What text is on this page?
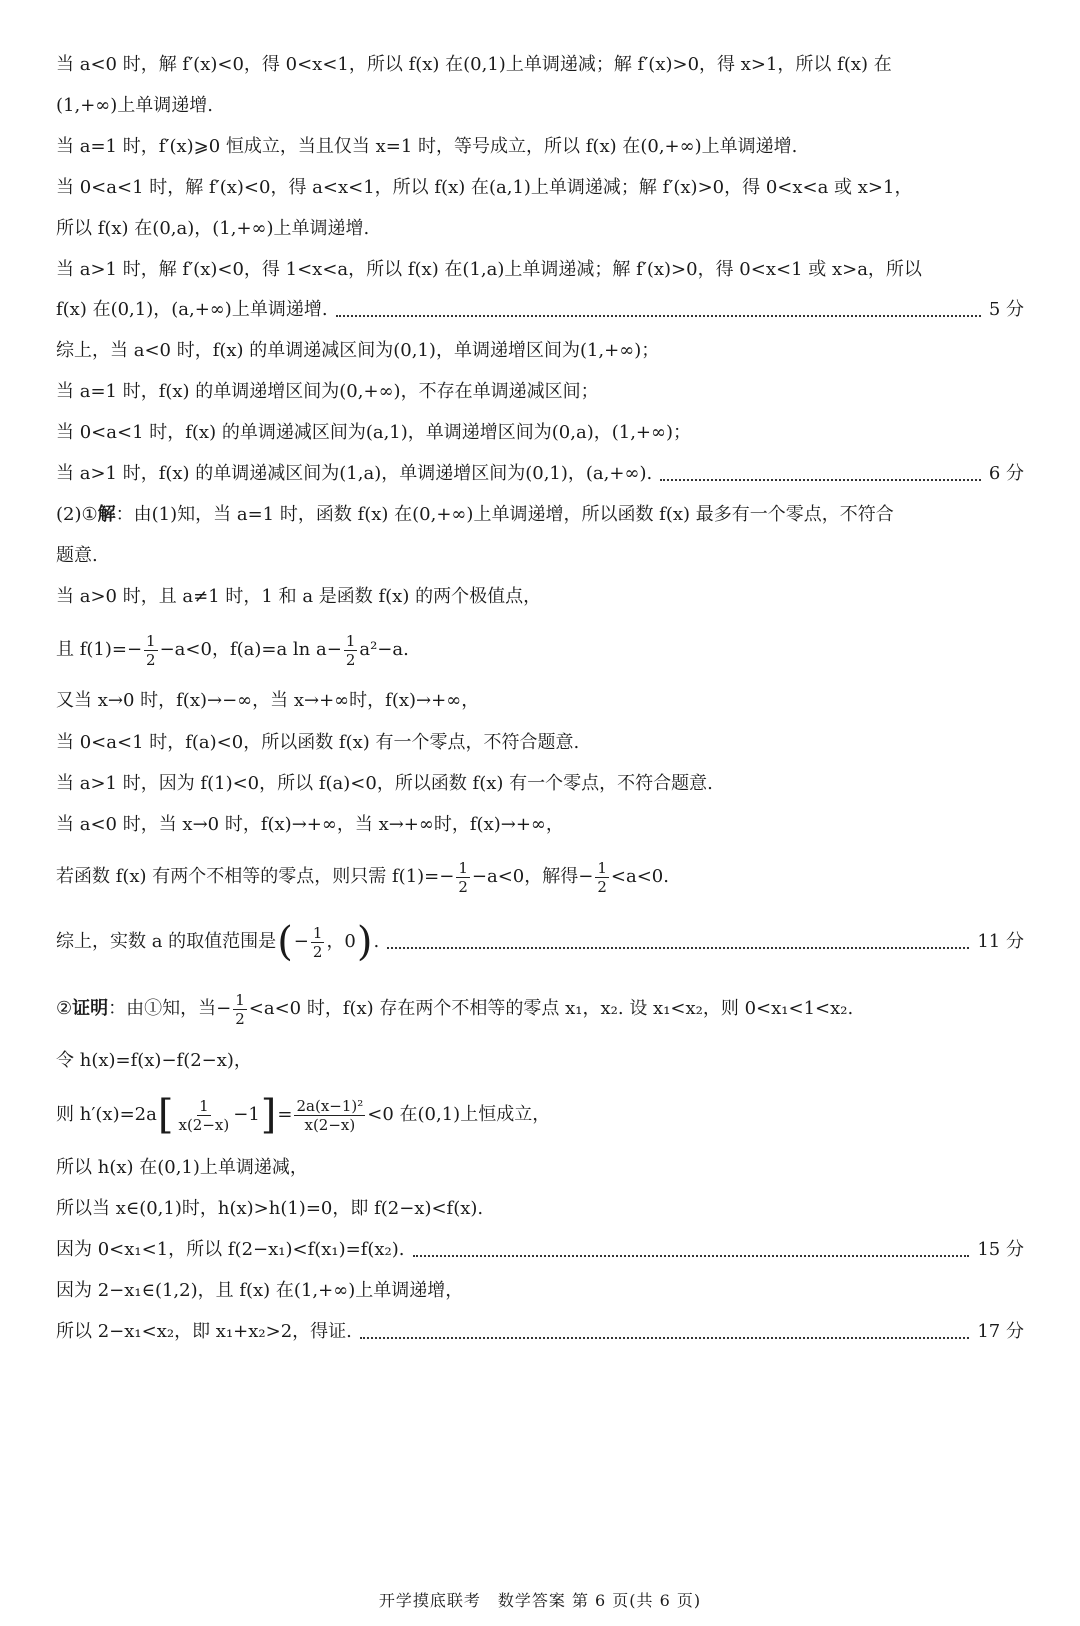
当 a<0 时，解 f′(x)<0，得 0<x<1，所以 f(x) 在(0,1)上单调递减；解 f′(x)>0，得 x>1，所以 f(x) 在
(1,+∞)上单调递增.
当 a=1 时，f′(x)⩾0 恒成立，当且仅当 x=1 时，等号成立，所以 f(x) 在(0,+∞)上单调递增.
当 0<a<1 时，解 f′(x)<0，得 a<x<1，所以 f(x) 在(a,1)上单调递减；解 f′(x)>0，得 0<x<a 或 x>1，
所以 f(x) 在(0,a)，(1,+∞)上单调递增.
当 a>1 时，解 f′(x)<0，得 1<x<a，所以 f(x) 在(1,a)上单调递减；解 f′(x)>0，得 0<x<1 或 x>a，所以
f(x) 在(0,1)，(a,+∞)上单调递增.	5 分
综上，当 a<0 时，f(x) 的单调递减区间为(0,1)，单调递增区间为(1,+∞)；
当 a=1 时，f(x) 的单调递增区间为(0,+∞)，不存在单调递减区间；
当 0<a<1 时，f(x) 的单调递减区间为(a,1)，单调递增区间为(0,a)，(1,+∞)；
当 a>1 时，f(x) 的单调递减区间为(1,a)，单调递增区间为(0,1)，(a,+∞).	6 分
(2)① 解 ：由(1)知，当 a=1 时，函数 f(x) 在(0,+∞)上单调递增，所以函数 f(x) 最多有一个零点，不符合
题意.
当 a>0 时，且 a≠1 时，1 和 a 是函数 f(x) 的两个极值点，
且 $f(1)=- \frac{1}{2} -a<0$，f(a)=a $\ln a- \frac{1}{2} a^2-a$.
又当 x→0 时，f(x)→−∞，当 x→+∞时，f(x)→+∞，
当 0<a<1 时，f(a)<0，所以函数 f(x) 有一个零点，不符合题意.
当 a>1 时，因为 f(1)<0，所以 f(a)<0，所以函数 f(x) 有一个零点，不符合题意.
当 a<0 时，当 x→0 时，f(x)→+∞，当 x→+∞时，f(x)→+∞，
若函数 f(x) 有两个不相等的零点，则只需 $f(1)=- \frac{1}{2} -a<0$，解得− $\frac{1}{2} <a<0$.
综上，实数 a 的取值范围是 ( − $\frac{1}{2}$ ，0 ) .	11 分
② 证明 ：由①知，当− $\frac{1}{2} <a<0$ 时，f(x) 存在两个不相等的零点 x₁，x₂. 设 x₁<x₂，则 0<x₁<1<x₂.
令 h(x)=f(x)−f(2−x)，
则 h′(x)=2a [ $\frac{1}{x(2-x)} -1$ ] = $\frac{\text{2a(x−1)²}}{x(2-x)} <0$ 在(0,1)上恒成立，
所以 h(x) 在(0,1)上单调递减，
所以当 x∈(0,1)时，h(x)>h(1)=0，即 f(2−x)<f(x).
因为 0<x₁<1，所以 f(2−x₁)<f(x₁)=f(x₂).	15 分
因为 2−x₁∈(1,2)，且 f(x) 在(1,+∞)上单调递增，
所以 2−x₁<x₂，即 x₁+x₂>2，得证.	17 分
开学摸底联考　数学答案 第 6 页(共 6 页)
